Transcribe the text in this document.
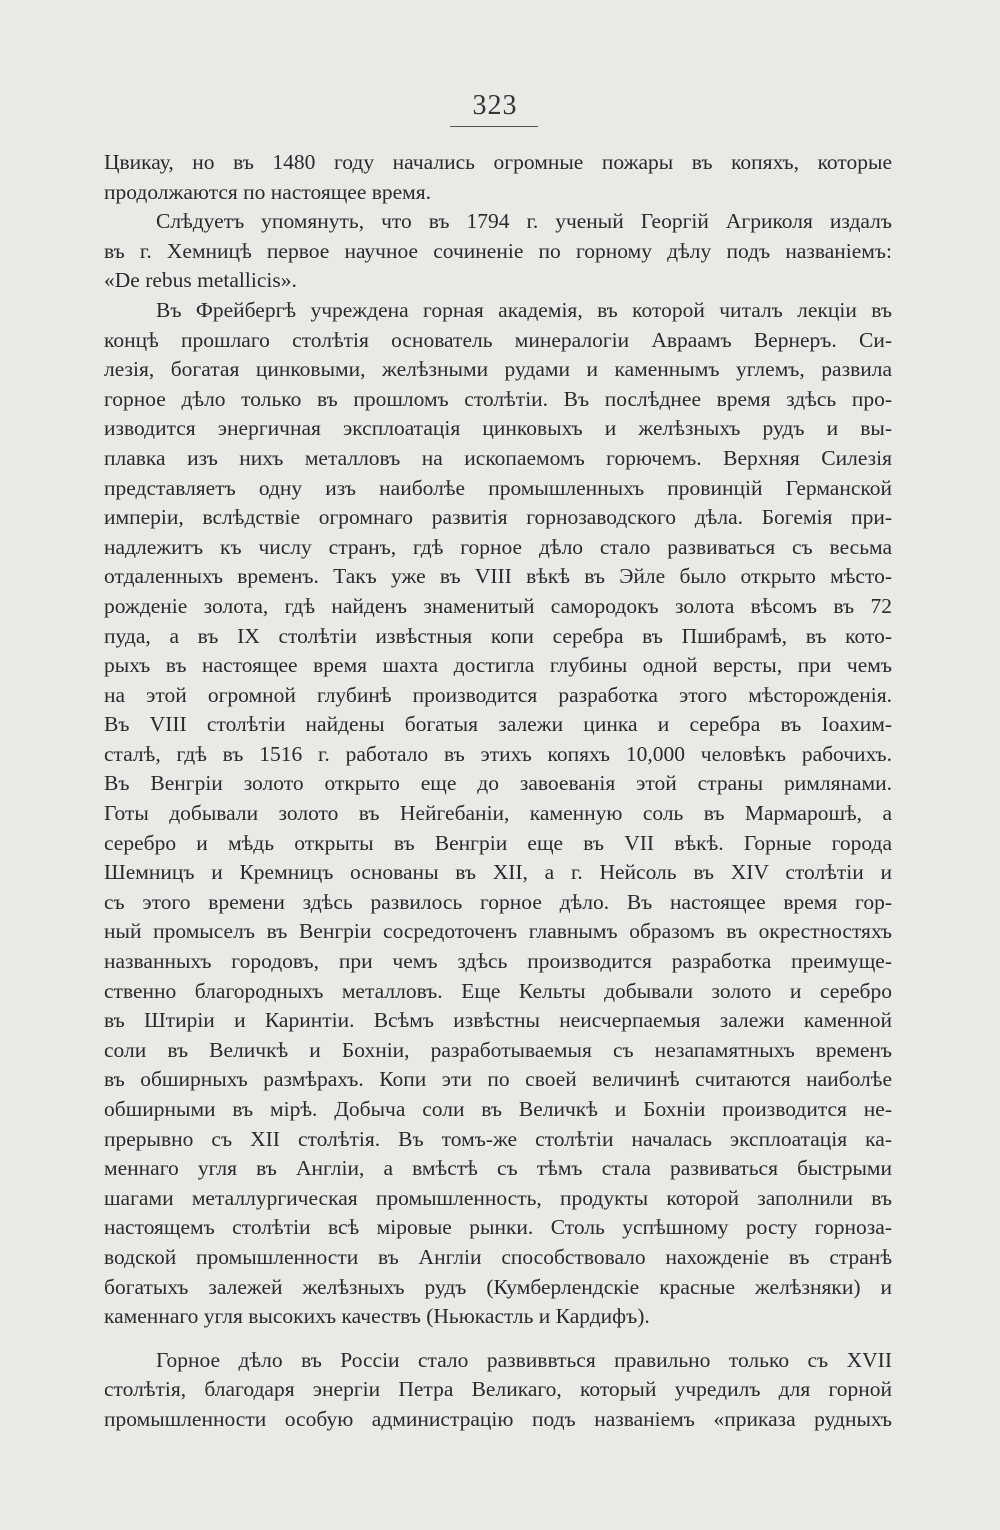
323
Цвикау, но въ 1480 году начались огромные пожары въ копяхъ, которые
продолжаются по настоящее время.
Слѣдуетъ упомянуть, что въ 1794 г. ученый Георгій Агриколя издалъ
въ г. Хемницѣ первое научное сочиненіе по горному дѣлу подъ названіемъ:
«De rebus metallicis».
Въ Фрейбергѣ учреждена горная академія, въ которой читалъ лекціи въ
концѣ прошлаго столѣтія основатель минералогіи Авраамъ Вернеръ. Си-
лезія, богатая цинковыми, желѣзными рудами и каменнымъ углемъ, развила
горное дѣло только въ прошломъ столѣтіи. Въ послѣднее время здѣсь про-
изводится энергичная эксплоатація цинковыхъ и желѣзныхъ рудъ и вы-
плавка изъ нихъ металловъ на ископаемомъ горючемъ. Верхняя Силезія
представляетъ одну изъ наиболѣе промышленныхъ провинцій Германской
имперіи, вслѣдствіе огромнаго развитія горнозаводского дѣла. Богемія при-
надлежитъ къ числу странъ, гдѣ горное дѣло стало развиваться съ весьма
отдаленныхъ временъ. Такъ уже въ VIII вѣкѣ въ Эйле было открыто мѣсто-
рожденіе золота, гдѣ найденъ знаменитый самородокъ золота вѣсомъ въ 72
пуда, а въ IX столѣтіи извѣстныя копи серебра въ Пшибрамѣ, въ кото-
рыхъ въ настоящее время шахта достигла глубины одной версты, при чемъ
на этой огромной глубинѣ производится разработка этого мѣсторожденія.
Въ VIII столѣтіи найдены богатыя залежи цинка и серебра въ Іоахим-
сталѣ, гдѣ въ 1516 г. работало въ этихъ копяхъ 10,000 человѣкъ рабочихъ.
Въ Венгріи золото открыто еще до завоеванія этой страны римлянами.
Готы добывали золото въ Нейгебаніи, каменную соль въ Мармарошѣ, а
серебро и мѣдь открыты въ Венгріи еще въ VII вѣкѣ. Горные города
Шемницъ и Кремницъ основаны въ XII, а г. Нейсоль въ XIV столѣтіи и
съ этого времени здѣсь развилось горное дѣло. Въ настоящее время гор-
ный промыселъ въ Венгріи сосредоточенъ главнымъ образомъ въ окрестностяхъ
названныхъ городовъ, при чемъ здѣсь производится разработка преимуще-
ственно благородныхъ металловъ. Еще Кельты добывали золото и серебро
въ Штиріи и Каринтіи. Всѣмъ извѣстны неисчерпаемыя залежи каменной
соли въ Величкѣ и Бохніи, разработываемыя съ незапамятныхъ временъ
въ обширныхъ размѣрахъ. Копи эти по своей величинѣ считаются наиболѣе
обширными въ мірѣ. Добыча соли въ Величкѣ и Бохніи производится не-
прерывно съ XII столѣтія. Въ томъ-же столѣтіи началась эксплоатація ка-
меннаго угля въ Англіи, а вмѣстѣ съ тѣмъ стала развиваться быстрыми
шагами металлургическая промышленность, продукты которой заполнили въ
настоящемъ столѣтіи всѣ міровые рынки. Столь успѣшному росту горноза-
водской промышленности въ Англіи способствовало нахожденіе въ странѣ
богатыхъ залежей желѣзныхъ рудъ (Кумберлендскіе красные желѣзняки) и
каменнаго угля высокихъ качествъ (Ньюкастль и Кардифъ).
Горное дѣло въ Россіи стало развиввться правильно только съ XVII
столѣтія, благодаря энергіи Петра Великаго, который учредилъ для горной
промышленности особую администрацію подъ названіемъ «приказа рудныхъ
